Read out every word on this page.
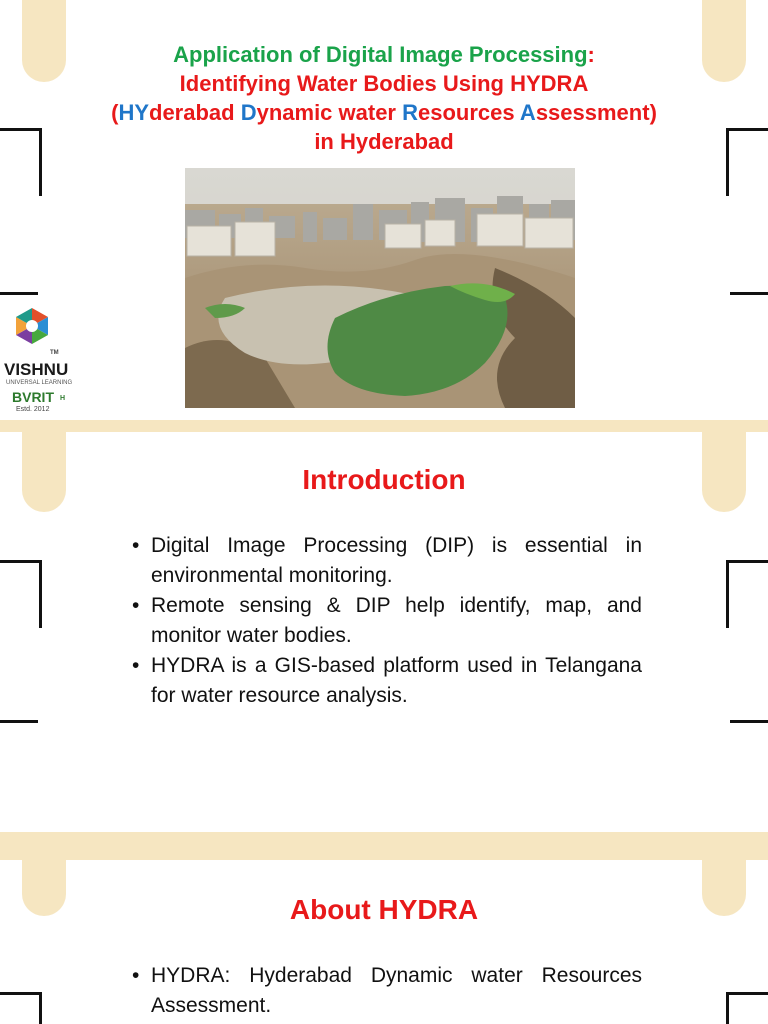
Application of Digital Image Processing:
Identifying Water Bodies Using HYDRA
(HYderabad Dynamic water Resources Assessment)
in Hyderabad
TM
VISHNU
UNIVERSAL LEARNING
BVRIT H
Estd. 2012
Introduction
• Digital Image Processing (DIP) is essential in environmental monitoring.
• Remote sensing & DIP help identify, map, and monitor water bodies.
• HYDRA is a GIS-based platform used in Telangana for water resource analysis.
About HYDRA
• HYDRA: Hyderabad Dynamic water Resources Assessment.
